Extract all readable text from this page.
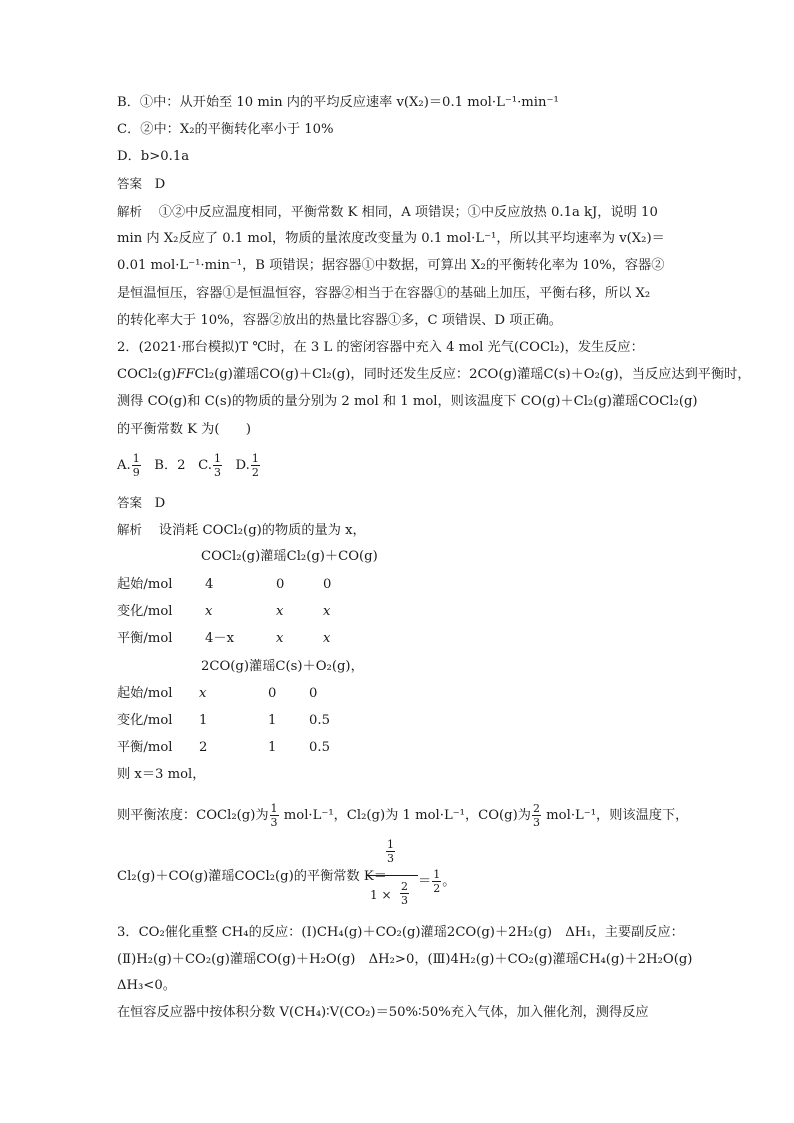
B．①中：从开始至 10 min 内的平均反应速率 v(X₂)＝0.1 mol·L⁻¹·min⁻¹
C．②中：X₂的平衡转化率小于 10%
D．b>0.1a
答案 D
解析 ①②中反应温度相同，平衡常数 K 相同，A 项错误；①中反应放热 0.1a kJ，说明 10
min 内 X₂反应了 0.1 mol，物质的量浓度改变量为 0.1 mol·L⁻¹，所以其平均速率为 v(X₂)＝
0.01 mol·L⁻¹·min⁻¹，B 项错误；据容器①中数据，可算出 X₂的平衡转化率为 10%，容器②
是恒温恒压，容器①是恒温恒容，容器②相当于在容器①的基础上加压，平衡右移，所以 X₂
的转化率大于 10%，容器②放出的热量比容器①多，C 项错误、D 项正确。
2．(2021·邢台模拟)T ℃时，在 3 L 的密闭容器中充入 4 mol 光气(COCl₂)，发生反应：
COCl₂(g)𝐹𝐹Cl₂(g)灌瑶CO(g)＋Cl₂(g)，同时还发生反应：2CO(g)灌瑶C(s)＋O₂(g)，当反应达到平衡时，
测得 CO(g)和 C(s)的物质的量分别为 2 mol 和 1 mol，则该温度下 CO(g)＋Cl₂(g)灌瑶COCl₂(g)
的平衡常数 K 为(　　)
A. $\frac{1}{9}$ B．2 C. $\frac{1}{3} D$. $\frac{1}{2}$
答案 D
解析 设消耗 COCl₂(g)的物质的量为 x，
COCl₂(g)灌瑶Cl₂(g)＋CO(g)
起始/mol 4	0	0
变化/mol x	x	x
平衡/mol 4－x	x	x
2CO(g)灌瑶C(s)＋O₂(g)，
起始/mol x	0 0
变化/mol 1	1 0.5
平衡/mol 2	1 0.5
则 x＝3 mol，
则平衡浓度：COCl₂(g)为 $\frac{1}{3} mol\cdot L^{-1}$，Cl₂(g)为 1 mol·L⁻¹，CO(g)为 $\frac{2}{3} mol\cdot L^{-1}$，则该温度下，
Cl₂(g)＋CO(g)灌瑶COCl₂(g)的平衡常数 K＝
$\frac{1}{3}$
$1 \times \frac{2}{3} = \frac{1}{2}$ 。
3．CO₂催化重整 CH₄的反应：(Ⅰ)CH₄(g)＋CO₂(g)灌瑶2CO(g)＋2H₂(g)　ΔH₁，主要副反应：
(Ⅱ)H₂(g)＋CO₂(g)灌瑶CO(g)＋H₂O(g)　ΔH₂>0，(Ⅲ)4H₂(g)＋CO₂(g)灌瑶CH₄(g)＋2H₂O(g)
ΔH₃<0。
在恒容反应器中按体积分数 V(CH₄)∶V(CO₂)＝50%∶50%充入气体，加入催化剂，测得反应
